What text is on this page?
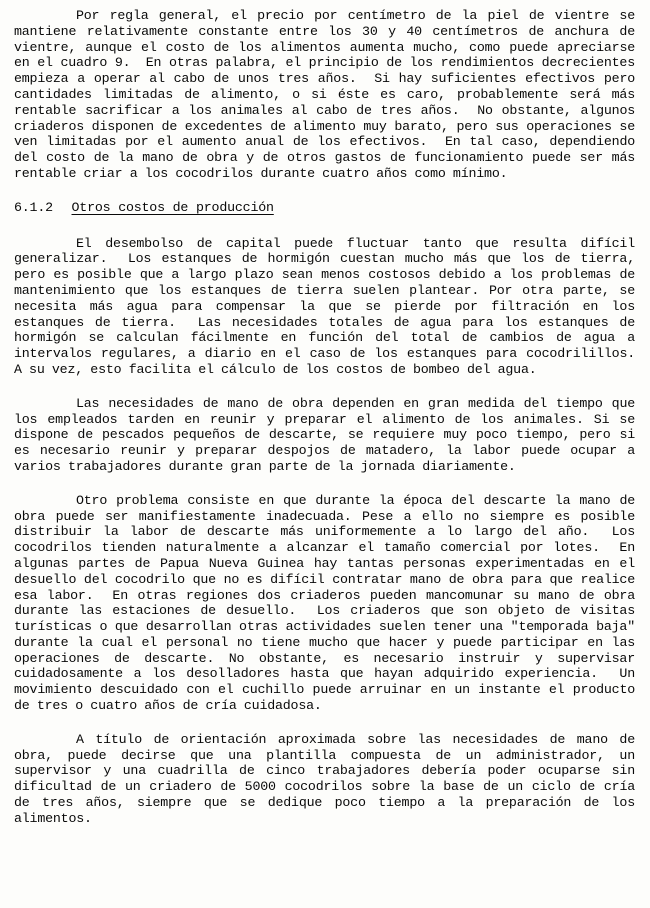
Por regla general, el precio por centímetro de la piel de vientre se mantiene relativamente constante entre los 30 y 40 centímetros de anchura de vientre, aunque el costo de los alimentos aumenta mucho, como puede apreciarse en el cuadro 9.  En otras palabra, el principio de los rendimientos decrecientes empieza a operar al cabo de unos tres años.  Si hay suficientes efectivos pero cantidades limitadas de alimento, o si éste es caro, probablemente será más rentable sacrificar a los animales al cabo de tres años.  No obstante, algunos criaderos disponen de excedentes de alimento muy barato, pero sus operaciones se ven limitadas por el aumento anual de los efectivos.  En tal caso, dependiendo del costo de la mano de obra y de otros gastos de funcionamiento puede ser más rentable criar a los cocodrilos durante cuatro años como mínimo.

6.1.2 Otros costos de producción

El desembolso de capital puede fluctuar tanto que resulta difícil generalizar.  Los estanques de hormigón cuestan mucho más que los de tierra, pero es posible que a largo plazo sean menos costosos debido a los problemas de mantenimiento que los estanques de tierra suelen plantear. Por otra parte, se necesita más agua para compensar la que se pierde por filtración en los estanques de tierra.  Las necesidades totales de agua para los estanques de hormigón se calculan fácilmente en función del total de cambios de agua a intervalos regulares, a diario en el caso de los estanques para cocodrilillos.  A su vez, esto facilita el cálculo de los costos de bombeo del agua.

Las necesidades de mano de obra dependen en gran medida del tiempo que los empleados tarden en reunir y preparar el alimento de los animales. Si se dispone de pescados pequeños de descarte, se requiere muy poco tiempo, pero si es necesario reunir y preparar despojos de matadero, la labor puede ocupar a varios trabajadores durante gran parte de la jornada diariamente.

Otro problema consiste en que durante la época del descarte la mano de obra puede ser manifiestamente inadecuada. Pese a ello no siempre es posible distribuir la labor de descarte más uniformemente a lo largo del año.  Los cocodrilos tienden naturalmente a alcanzar el tamaño comercial por lotes.  En algunas partes de Papua Nueva Guinea hay tantas personas experimentadas en el desuello del cocodrilo que no es difícil contratar mano de obra para que realice esa labor.  En otras regiones dos criaderos pueden mancomunar su mano de obra durante las estaciones de desuello.  Los criaderos que son objeto de visitas turísticas o que desarrollan otras actividades suelen tener una "temporada baja" durante la cual el personal no tiene mucho que hacer y puede participar en las operaciones de descarte. No obstante, es necesario instruir y supervisar cuidadosamente a los desolladores hasta que hayan adquirido experiencia.  Un movimiento descuidado con el cuchillo puede arruinar en un instante el producto de tres o cuatro años de cría cuidadosa.

A título de orientación aproximada sobre las necesidades de mano de obra, puede decirse que una plantilla compuesta de un administrador, un supervisor y una cuadrilla de cinco trabajadores debería poder ocuparse sin dificultad de un criadero de 5000 cocodrilos sobre la base de un ciclo de cría de tres años, siempre que se dedique poco tiempo a la preparación de los alimentos.
